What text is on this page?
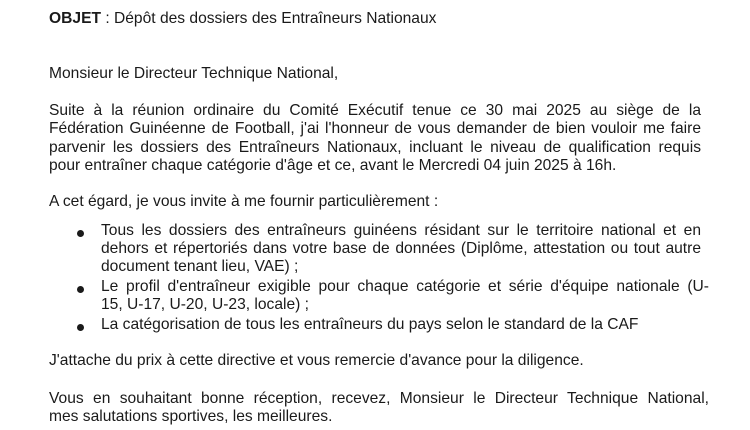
OBJET : Dépôt des dossiers des Entraîneurs Nationaux
Monsieur le Directeur Technique National,
Suite à la réunion ordinaire du Comité Exécutif tenue ce 30 mai 2025 au siège de la
Fédération Guinéenne de Football, j'ai l'honneur de vous demander de bien vouloir me faire
parvenir les dossiers des Entraîneurs Nationaux, incluant le niveau de qualification requis
pour entraîner chaque catégorie d'âge et ce, avant le Mercredi 04 juin 2025 à 16h.
A cet égard, je vous invite à me fournir particulièrement :
Tous les dossiers des entraîneurs guinéens résidant sur le territoire national et en
dehors et répertoriés dans votre base de données (Diplôme, attestation ou tout autre
document tenant lieu, VAE) ;
Le profil d'entraîneur exigible pour chaque catégorie et série d'équipe nationale (U-
15, U-17, U-20, U-23, locale) ;
La catégorisation de tous les entraîneurs du pays selon le standard de la CAF
J'attache du prix à cette directive et vous remercie d'avance pour la diligence.
Vous en souhaitant bonne réception, recevez, Monsieur le Directeur Technique National,
mes salutations sportives, les meilleures.
